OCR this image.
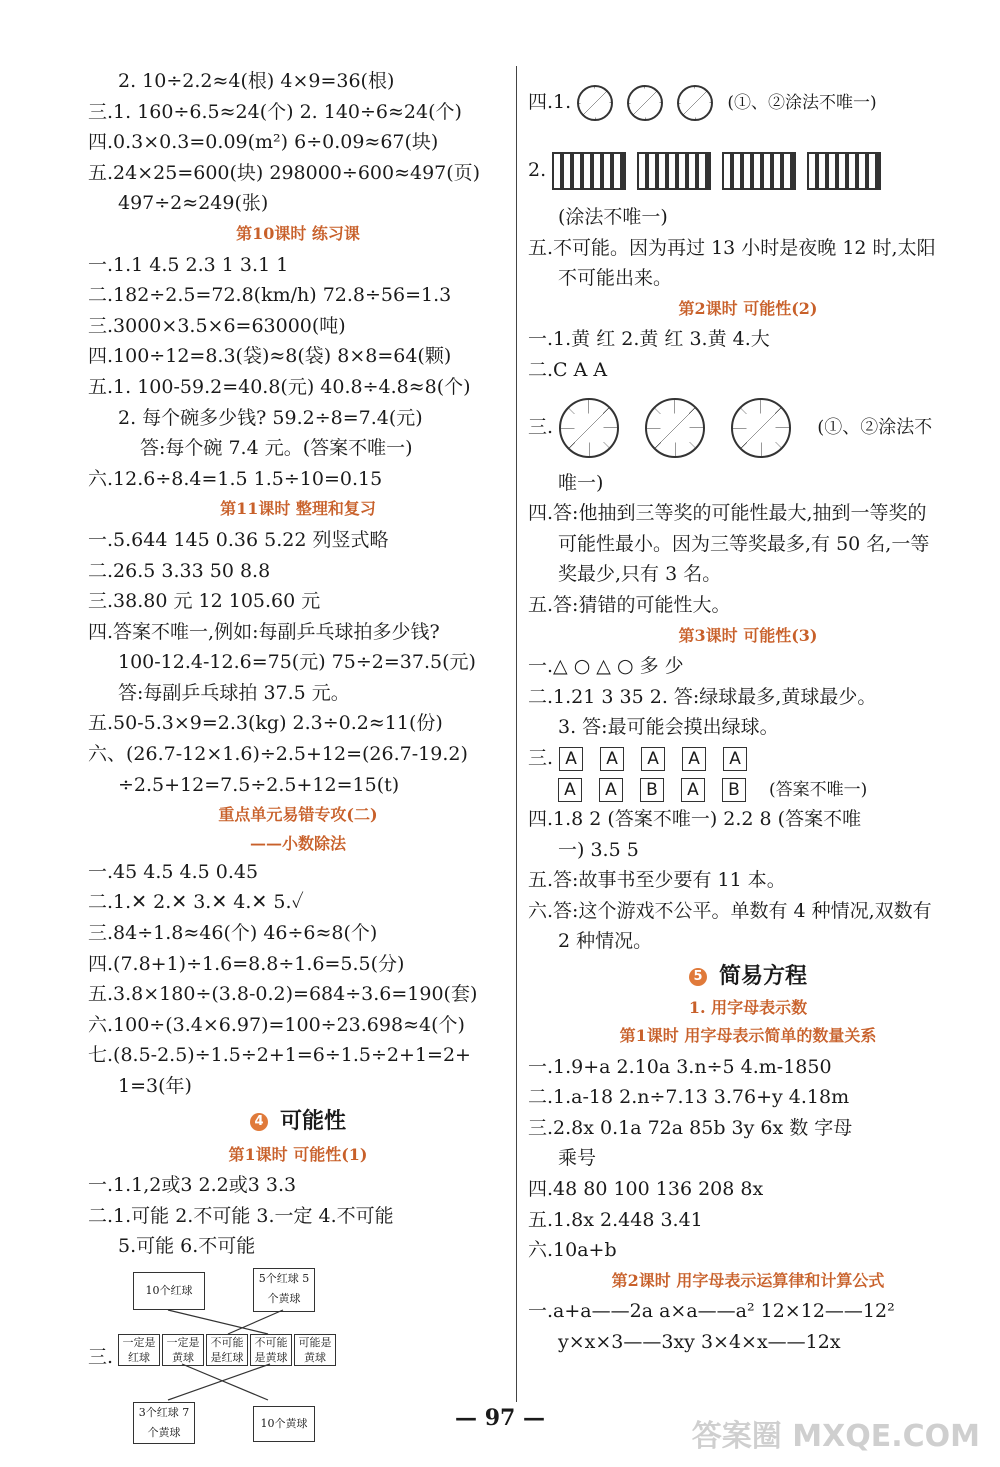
2. 10÷2.2≈4(根) 4×9=36(根)
三.1. 160÷6.5≈24(个) 2. 140÷6≈24(个)
四.0.3×0.3=0.09(m²) 6÷0.09≈67(块)
五.24×25=600(块) 298000÷600≈497(页)
497÷2≈249(张)
第10课时 练习课
一.1.1 4.5 2.3 1 3.1 1
二.182÷2.5=72.8(km/h) 72.8÷56=1.3
三.3000×3.5×6=63000(吨)
四.100÷12=8.3(袋)≈8(袋) 8×8=64(颗)
五.1. 100-59.2=40.8(元) 40.8÷4.8≈8(个)
2. 每个碗多少钱? 59.2÷8=7.4(元)
答:每个碗 7.4 元。(答案不唯一)
六.12.6÷8.4=1.5 1.5÷10=0.15
第11课时 整理和复习
一.5.644 145 0.36 5.22 列竖式略
二.26.5 3.33 50 8.8
三.38.80 元 12 105.60 元
四.答案不唯一,例如:每副乒乓球拍多少钱?
100-12.4-12.6=75(元) 75÷2=37.5(元)
答:每副乒乓球拍 37.5 元。
五.50-5.3×9=2.3(kg) 2.3÷0.2≈11(份)
六、(26.7-12×1.6)÷2.5+12=(26.7-19.2)
÷2.5+12=7.5÷2.5+12=15(t)
重点单元易错专攻(二)
——小数除法
一.45 4.5 4.5 0.45
二.1.✕ 2.✕ 3.✕ 4.✕ 5.✓
三.84÷1.8≈46(个) 46÷6≈8(个)
四.(7.8+1)÷1.6=8.8÷1.6=5.5(分)
五.3.8×180÷(3.8-0.2)=684÷3.6=190(套)
六.100÷(3.4×6.97)=100÷23.698≈4(个)
七.(8.5-2.5)÷1.5÷2+1=6÷1.5÷2+1=2+
1=3(年)
4 可能性
第1课时 可能性(1)
一.1.1,2或3 2.2或3 3.3
二.1.可能 2.不可能 3.一定 4.不可能
5.可能 6.不可能
10个红球
5个红球 5个黄球
三.
一定是红球
一定是黄球
不可能是红球
不可能是黄球
可能是黄球
3个红球 7个黄球
10个黄球
四.1.	(①、②涂法不唯一)
2.
(涂法不唯一)
五.不可能。因为再过 13 小时是夜晚 12 时,太阳
不可能出来。
第2课时 可能性(2)
一.1.黄 红 2.黄 红 3.黄 4.大
二.C A A
三.	(①、②涂法不
唯一)
四.答:他抽到三等奖的可能性最大,抽到一等奖的
可能性最小。因为三等奖最多,有 50 名,一等
奖最少,只有 3 名。
五.答:猜错的可能性大。
第3课时 可能性(3)
一.△ ○ △ ○ 多 少
二.1.21 3 35 2. 答:绿球最多,黄球最少。
3. 答:最可能会摸出绿球。
三. A A A A A
A A B A B (答案不唯一)
四.1.8 2 (答案不唯一) 2.2 8 (答案不唯
一) 3.5 5
五.答:故事书至少要有 11 本。
六.答:这个游戏不公平。单数有 4 种情况,双数有
2 种情况。
5 简易方程
1. 用字母表示数
第1课时 用字母表示简单的数量关系
一.1.9+a 2.10a 3.n÷5 4.m-1850
二.1.a-18 2.n÷7.13 3.76+y 4.18m
三.2.8x 0.1a 72a 85b 3y 6x 数 字母
乘号
四.48 80 100 136 208 8x
五.1.8x 2.448 3.41
六.10a+b
第2课时 用字母表示运算律和计算公式
一.a+a——2a a×a——a² 12×12——12²
y×x×3——3xy 3×4×x——12x
— 97 —
答案圈 MXQE.COM
